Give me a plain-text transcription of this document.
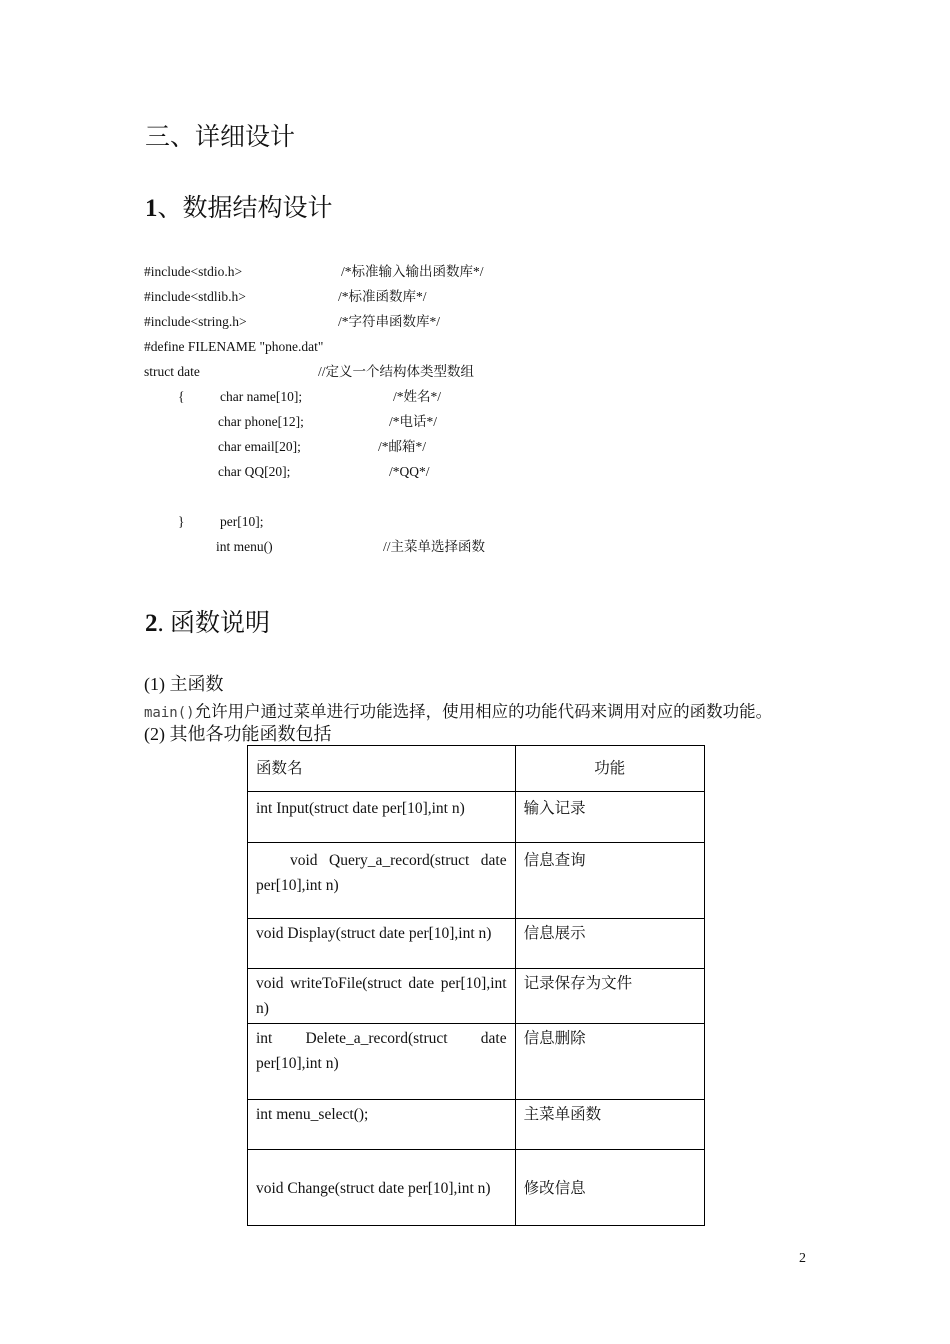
三、详细设计
1、数据结构设计
#include<stdio.h>	/*标准输入输出函数库*/
#include<stdlib.h>	/*标准函数库*/
#include<string.h>	/*字符串函数库*/
#define FILENAME "phone.dat"
struct date	//定义一个结构体类型数组
{	char name[10];	/*姓名*/
char phone[12];	/*电话*/
char email[20];	/*邮箱*/
char QQ[20];	/*QQ*/
}	per[10];
int menu()	//主菜单选择函数
2. 函数说明
(1) 主函数
main()允许用户通过菜单进行功能选择，使用相应的功能代码来调用对应的函数功能。
(2) 其他各功能函数包括
函数名	功能
int Input(struct date per[10],int n)	输入记录
void Query_a_record(struct date per[10],int n)	信息查询
void Display(struct date per[10],int n)	信息展示
void writeToFile(struct date per[10],int n)	记录保存为文件
int Delete_a_record(struct date per[10],int n)	信息删除
int menu_select();	主菜单函数
void Change(struct date per[10],int n)	修改信息
2
